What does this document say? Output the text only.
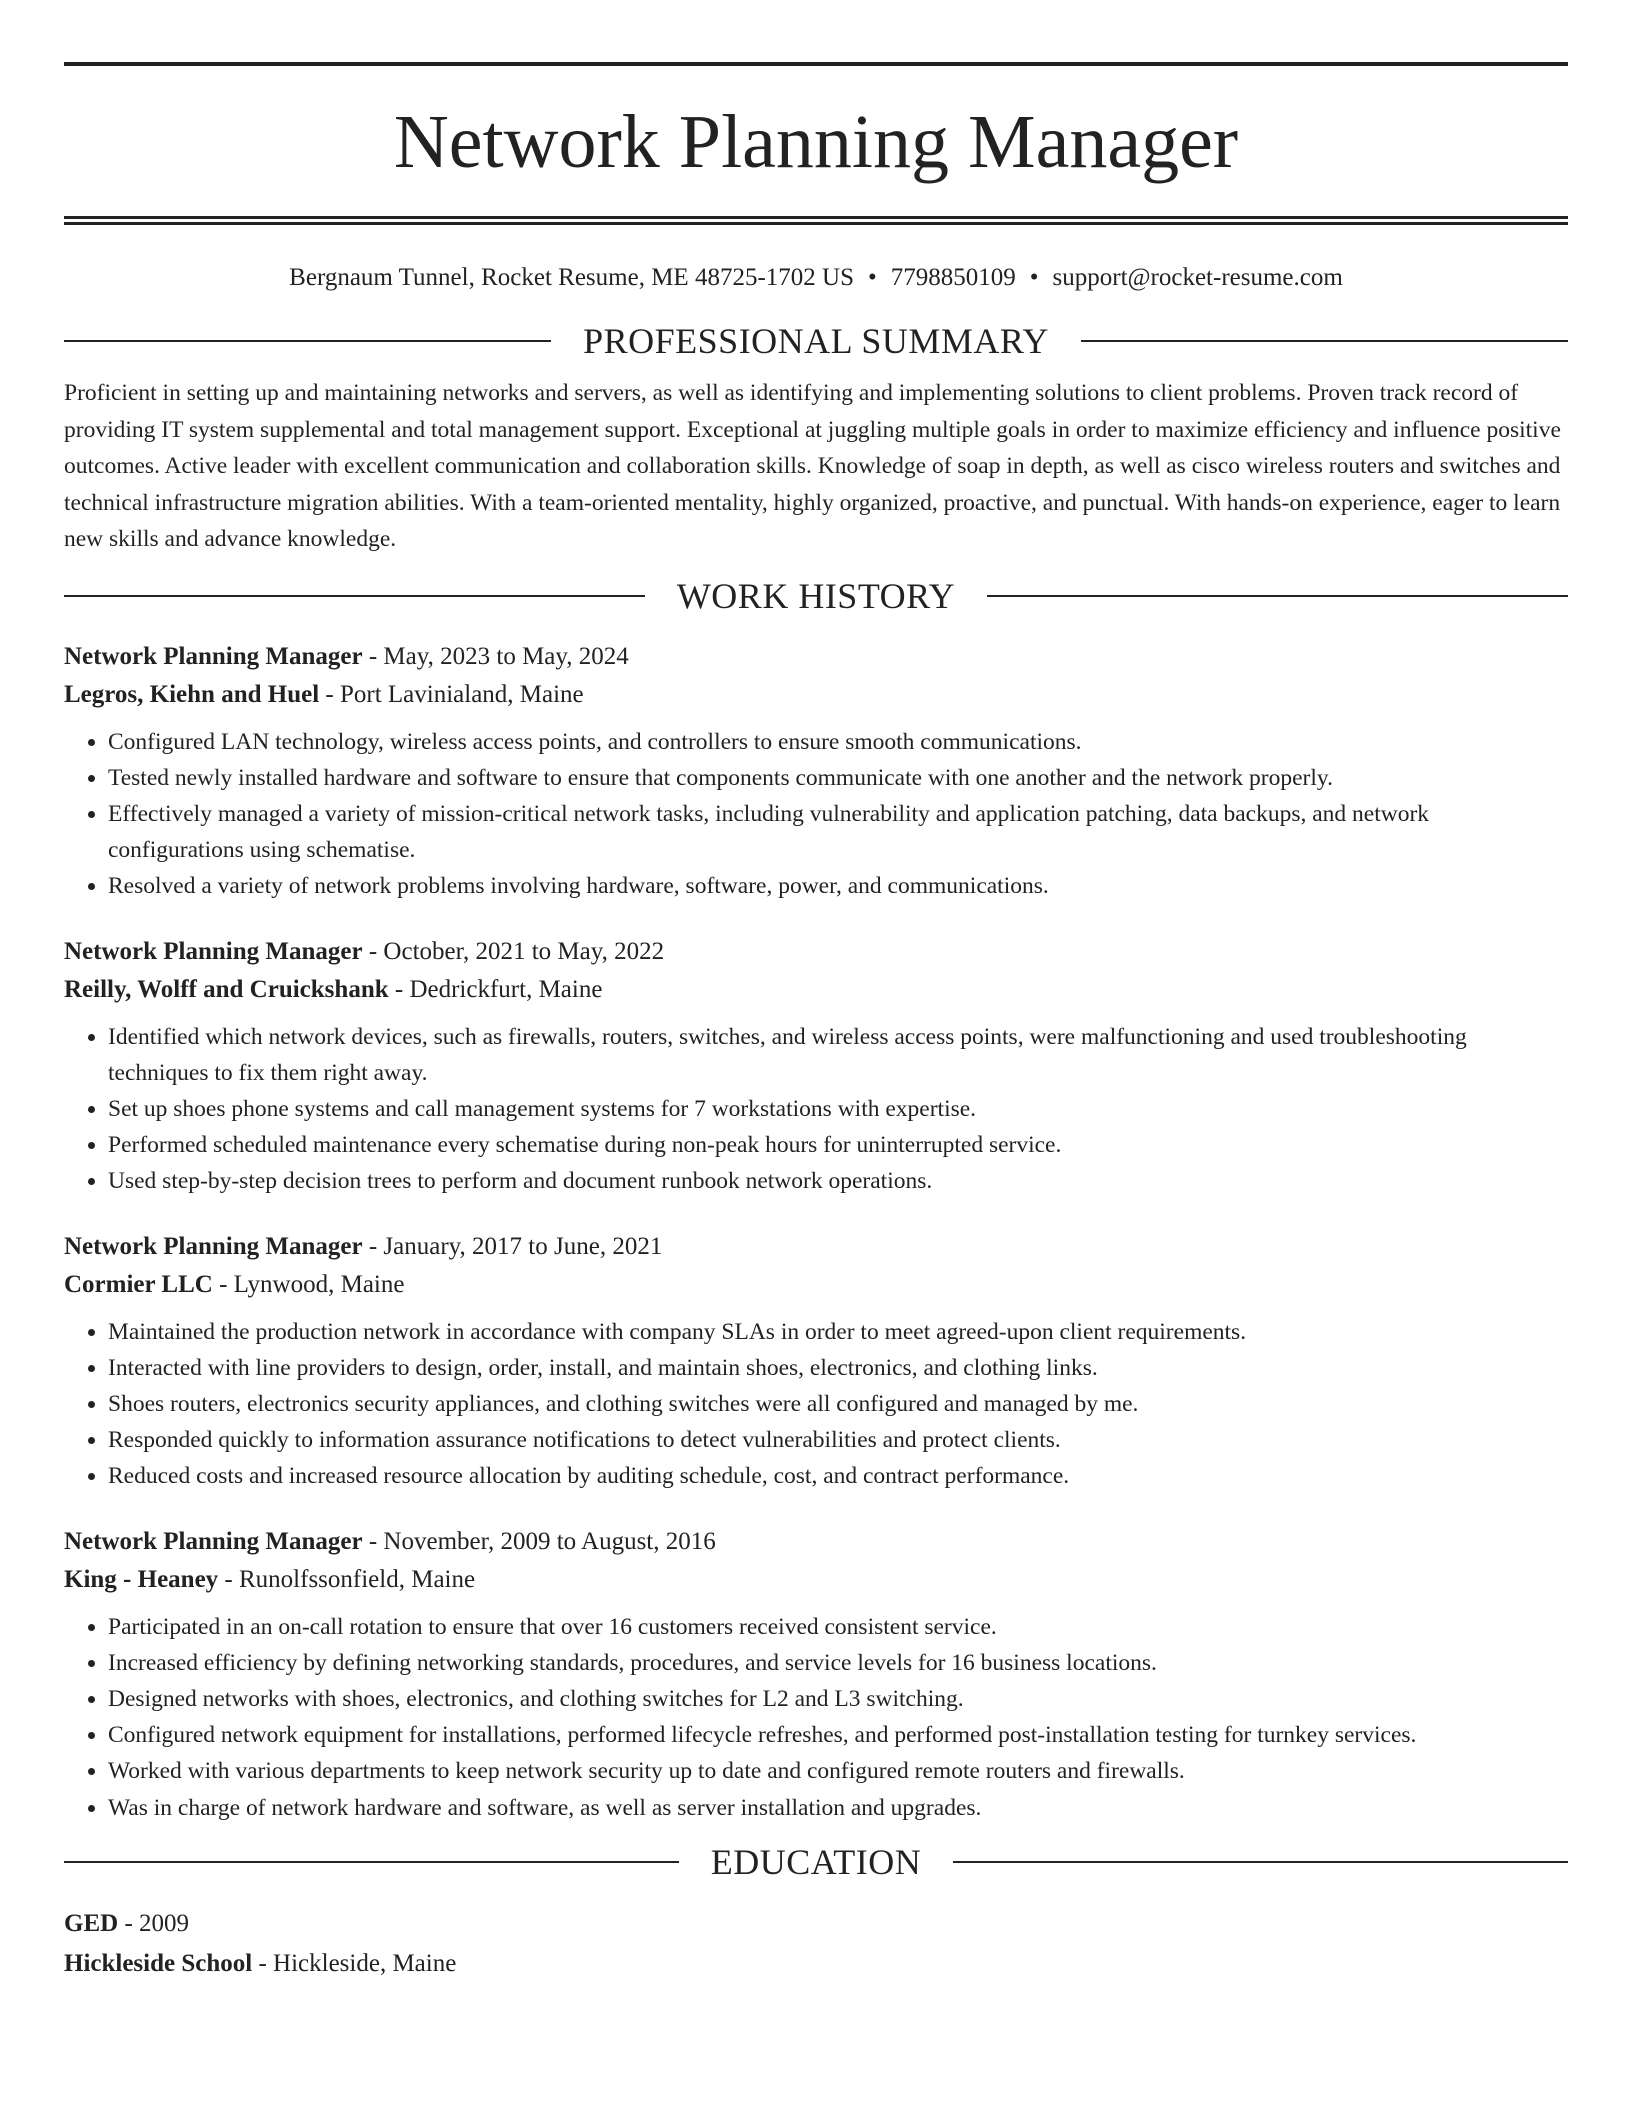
Network Planning Manager
Bergnaum Tunnel, Rocket Resume, ME 48725-1702 US • 7798850109 • support@rocket-resume.com
PROFESSIONAL SUMMARY
Proficient in setting up and maintaining networks and servers, as well as identifying and implementing solutions to client problems. Proven track record of providing IT system supplemental and total management support. Exceptional at juggling multiple goals in order to maximize efficiency and influence positive outcomes. Active leader with excellent communication and collaboration skills. Knowledge of soap in depth, as well as cisco wireless routers and switches and technical infrastructure migration abilities. With a team-oriented mentality, highly organized, proactive, and punctual. With hands-on experience, eager to learn new skills and advance knowledge.
WORK HISTORY
Network Planning Manager - May, 2023 to May, 2024
Legros, Kiehn and Huel - Port Lavinialand, Maine
• Configured LAN technology, wireless access points, and controllers to ensure smooth communications.
• Tested newly installed hardware and software to ensure that components communicate with one another and the network properly.
• Effectively managed a variety of mission-critical network tasks, including vulnerability and application patching, data backups, and network configurations using schematise.
• Resolved a variety of network problems involving hardware, software, power, and communications.
Network Planning Manager - October, 2021 to May, 2022
Reilly, Wolff and Cruickshank - Dedrickfurt, Maine
• Identified which network devices, such as firewalls, routers, switches, and wireless access points, were malfunctioning and used troubleshooting techniques to fix them right away.
• Set up shoes phone systems and call management systems for 7 workstations with expertise.
• Performed scheduled maintenance every schematise during non-peak hours for uninterrupted service.
• Used step-by-step decision trees to perform and document runbook network operations.
Network Planning Manager - January, 2017 to June, 2021
Cormier LLC - Lynwood, Maine
• Maintained the production network in accordance with company SLAs in order to meet agreed-upon client requirements.
• Interacted with line providers to design, order, install, and maintain shoes, electronics, and clothing links.
• Shoes routers, electronics security appliances, and clothing switches were all configured and managed by me.
• Responded quickly to information assurance notifications to detect vulnerabilities and protect clients.
• Reduced costs and increased resource allocation by auditing schedule, cost, and contract performance.
Network Planning Manager - November, 2009 to August, 2016
King - Heaney - Runolfssonfield, Maine
• Participated in an on-call rotation to ensure that over 16 customers received consistent service.
• Increased efficiency by defining networking standards, procedures, and service levels for 16 business locations.
• Designed networks with shoes, electronics, and clothing switches for L2 and L3 switching.
• Configured network equipment for installations, performed lifecycle refreshes, and performed post-installation testing for turnkey services.
• Worked with various departments to keep network security up to date and configured remote routers and firewalls.
• Was in charge of network hardware and software, as well as server installation and upgrades.
EDUCATION
GED - 2009
Hickleside School - Hickleside, Maine
